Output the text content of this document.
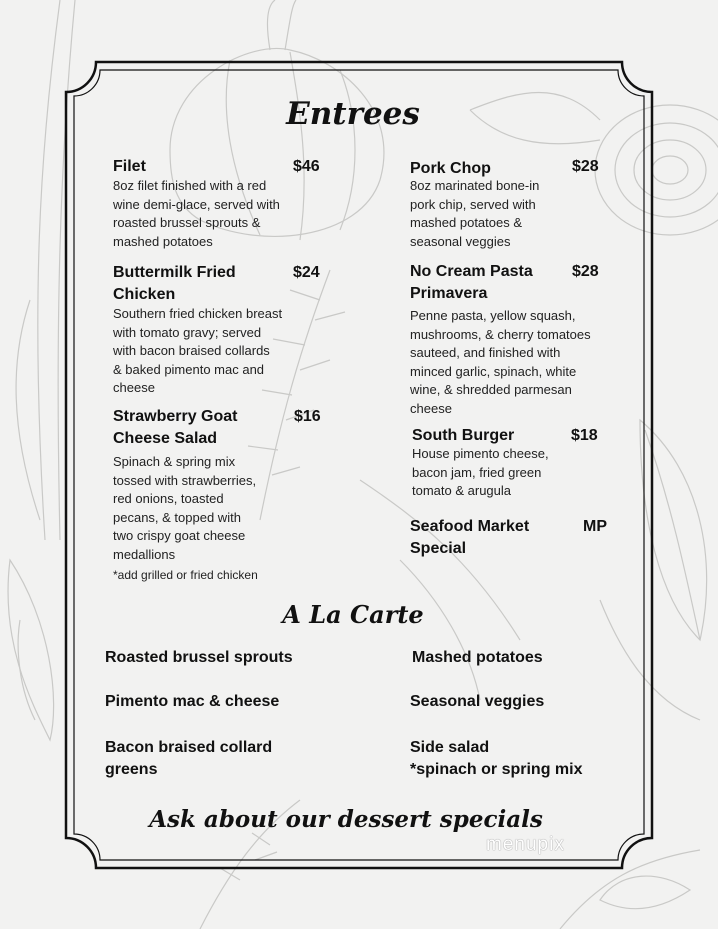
Entrees
Filet	$46
8oz filet finished with a red
wine demi-glace, served with
roasted brussel sprouts &
mashed potatoes
Buttermilk Fried
Chicken
$24
Southern fried chicken breast
with tomato gravy; served
with bacon braised collards
& baked pimento mac and
cheese
Strawberry Goat
Cheese Salad
$16
Spinach & spring mix
tossed with strawberries,
red onions, toasted
pecans, & topped with
two crispy goat cheese
medallions
*add grilled or fried chicken
Pork Chop	$28
8oz marinated bone-in
pork chip, served with
mashed potatoes &
seasonal veggies
No Cream Pasta
Primavera
$28
Penne pasta, yellow squash,
mushrooms, & cherry tomatoes
sauteed, and finished with
minced garlic, spinach, white
wine, & shredded parmesan
cheese
South Burger	$18
House pimento cheese,
bacon jam, fried green
tomato & arugula
Seafood Market
Special
MP
A La Carte
Roasted brussel sprouts	Mashed potatoes
Pimento mac & cheese	Seasonal veggies
Bacon braised collard
greens
Side salad
*spinach or spring mix
Ask about our dessert specials
menupix
